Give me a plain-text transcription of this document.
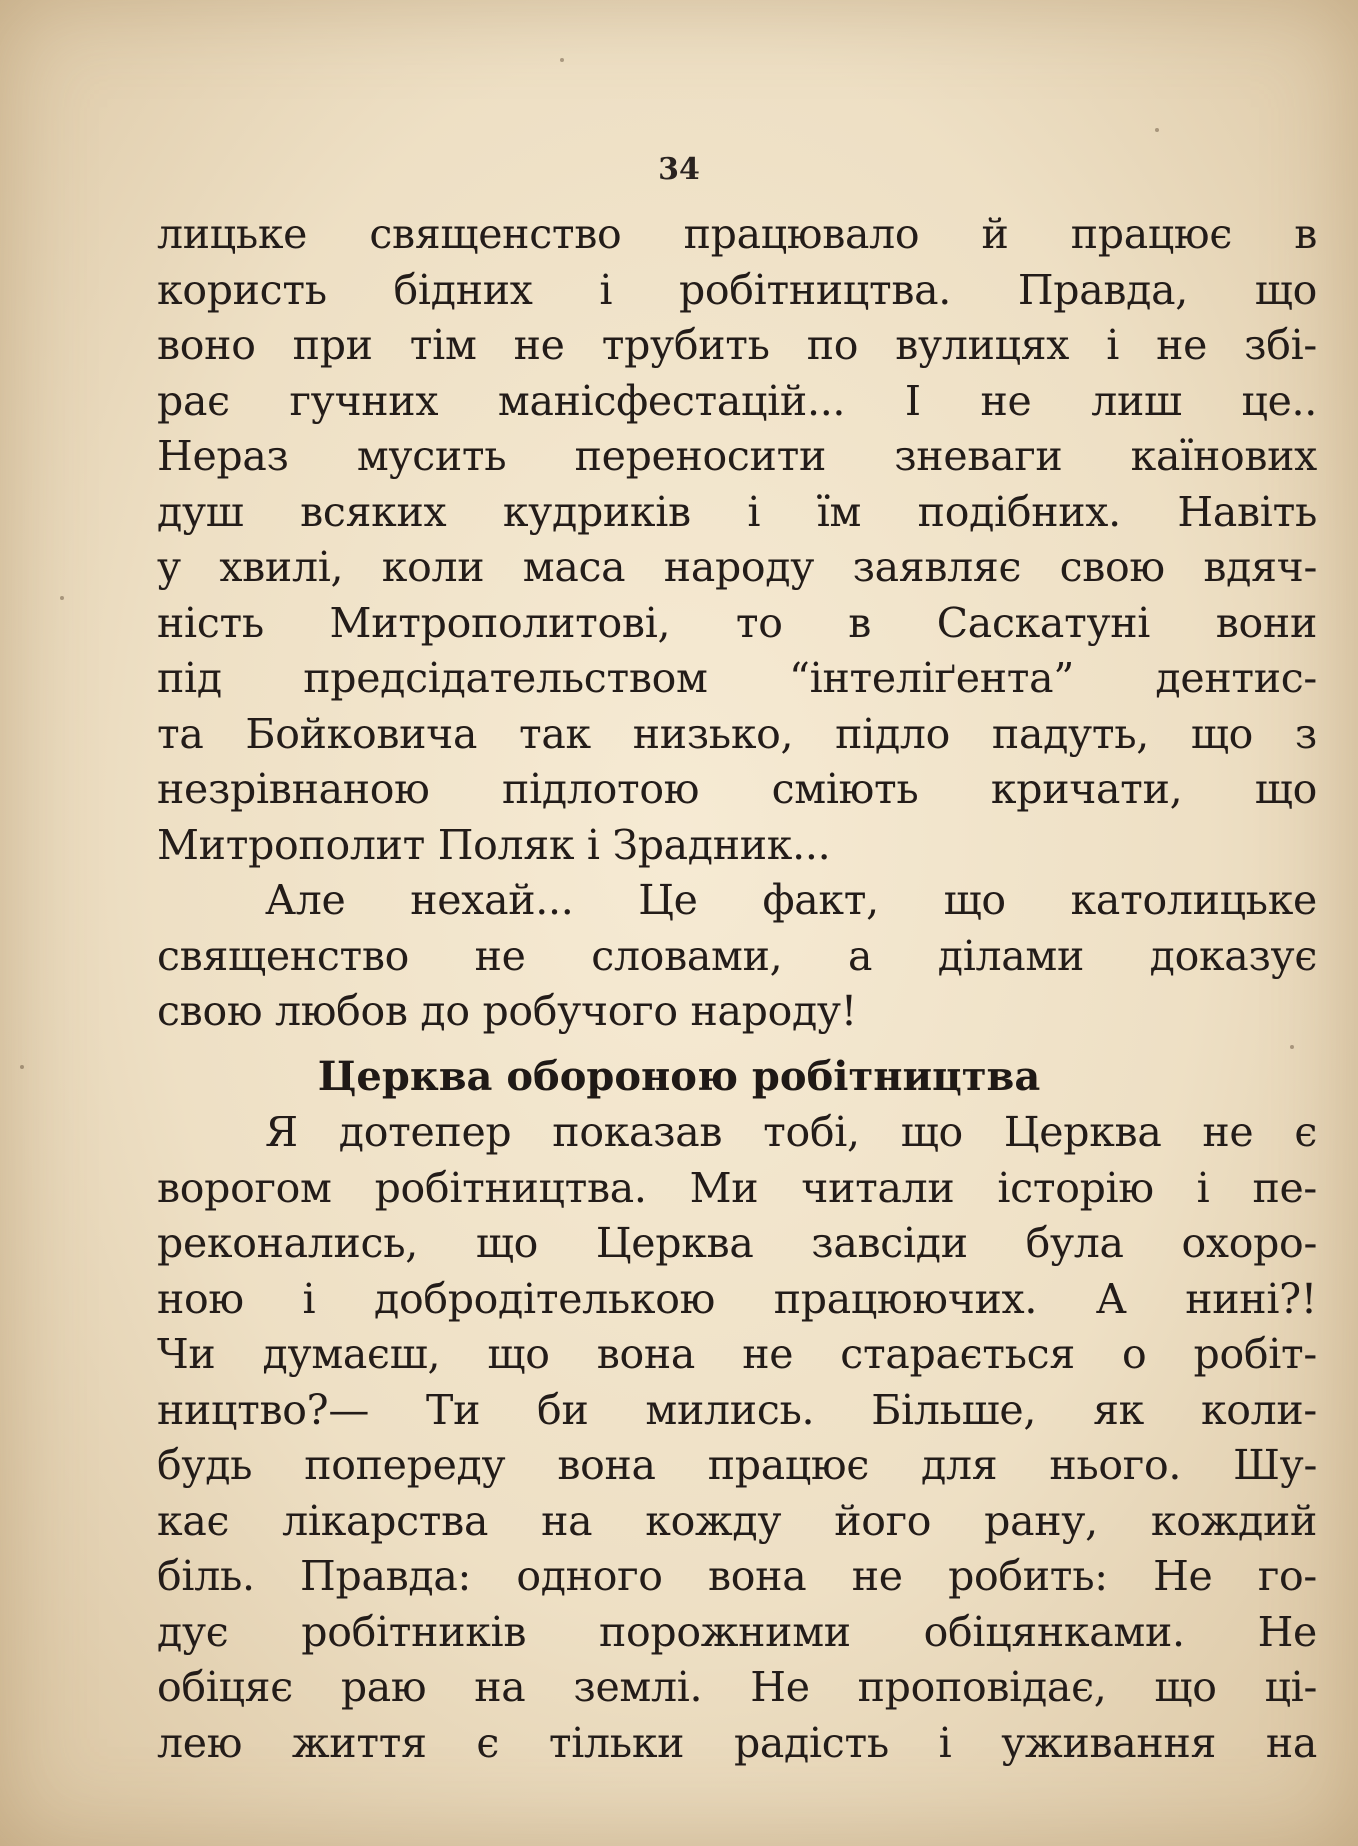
34
лицьке священство працювало й працює в
користь бідних і робітництва. Правда, що
воно при тім не трубить по вулицях і не збі-
рає гучних манісфестацій... І не лиш це..
Нераз мусить переносити зневаги каїнових
душ всяких кудриків і їм подібних. Навіть
у хвилі, коли маса народу заявляє свою вдяч-
ність Митрополитові, то в Саскатуні вони
під предсідательством “інтеліґента” дентис-
та Бойковича так низько, підло падуть, що з
незрівнаною підлотою сміють кричати, що
Митрополит Поляк і Зрадник...
Але нехай... Це факт, що католицьке
священство не словами, а ділами доказує
свою любов до робучого народу!
Церква обороною робітництва
Я дотепер показав тобі, що Церква не є
ворогом робітництва. Ми читали історію і пе-
реконались, що Церква завсіди була охоро-
ною і добродітелькою працюючих. А нині?!
Чи думаєш, що вона не старається о робіт-
ництво?— Ти би мились. Більше, як коли-
будь попереду вона працює для нього. Шу-
кає лікарства на кожду його рану, кождий
біль. Правда: одного вона не робить: Не го-
дує робітників порожними обіцянками. Не
обіцяє раю на землі. Не проповідає, що ці-
лею життя є тільки радість і уживання на
